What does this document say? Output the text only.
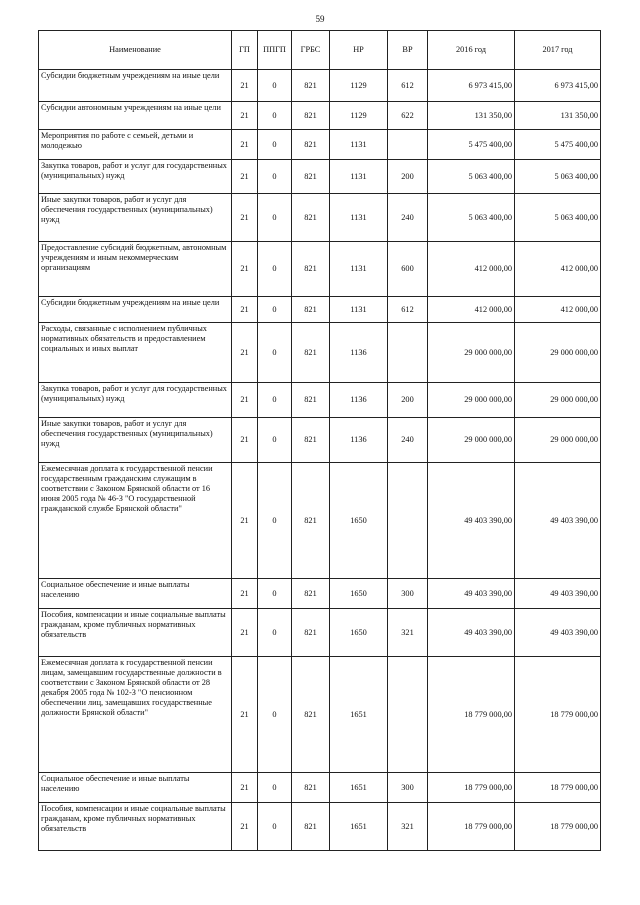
59
Наименование	ГП	ППГП	ГРБС	НР	ВР	2016 год	2017 год
Субсидии бюджетным учреждениям на иные цели	21	0	821	1129	612	6 973 415,00	6 973 415,00
Субсидии автономным учреждениям на иные цели	21	0	821	1129	622	131 350,00	131 350,00
Мероприятия по работе с семьей, детьми и молодежью	21	0	821	1131		5 475 400,00	5 475 400,00
Закупка товаров, работ и услуг для государственных (муниципальных) нужд	21	0	821	1131	200	5 063 400,00	5 063 400,00
Иные закупки товаров, работ и услуг для обеспечения государственных (муниципальных) нужд	21	0	821	1131	240	5 063 400,00	5 063 400,00
Предоставление субсидий бюджетным, автономным учреждениям и иным некоммерческим организациям	21	0	821	1131	600	412 000,00	412 000,00
Субсидии бюджетным учреждениям на иные цели	21	0	821	1131	612	412 000,00	412 000,00
Расходы, связанные с исполнением публичных нормативных обязательств и предоставлением социальных и иных выплат	21	0	821	1136		29 000 000,00	29 000 000,00
Закупка товаров, работ и услуг для государственных (муниципальных) нужд	21	0	821	1136	200	29 000 000,00	29 000 000,00
Иные закупки товаров, работ и услуг для обеспечения государственных (муниципальных) нужд	21	0	821	1136	240	29 000 000,00	29 000 000,00
Ежемесячная доплата к государственной пенсии государственным гражданским служащим в соответствии с Законом Брянской области от 16 июня 2005 года № 46-З "О государственной гражданской службе Брянской области"	21	0	821	1650		49 403 390,00	49 403 390,00
Социальное обеспечение и иные выплаты населению	21	0	821	1650	300	49 403 390,00	49 403 390,00
Пособия, компенсации и иные социальные выплаты гражданам, кроме публичных нормативных обязательств	21	0	821	1650	321	49 403 390,00	49 403 390,00
Ежемесячная доплата к государственной пенсии лицам, замещавшим государственные должности в соответствии с Законом Брянской области от 28 декабря 2005 года № 102-З "О пенсионном обеспечении лиц, замещавших государственные должности Брянской области"	21	0	821	1651		18 779 000,00	18 779 000,00
Социальное обеспечение и иные выплаты населению	21	0	821	1651	300	18 779 000,00	18 779 000,00
Пособия, компенсации и иные социальные выплаты гражданам, кроме публичных нормативных обязательств	21	0	821	1651	321	18 779 000,00	18 779 000,00
